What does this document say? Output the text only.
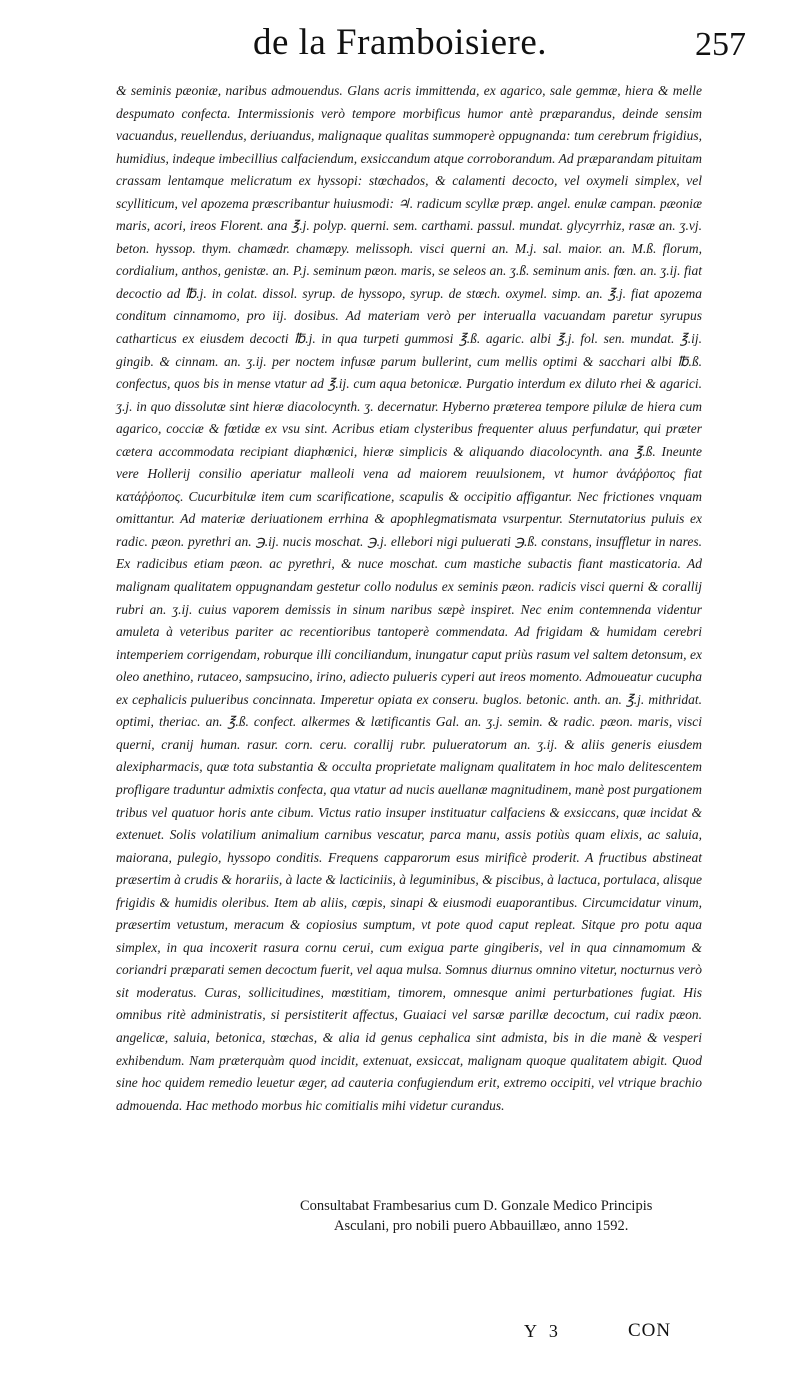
de la Framboisiere.	257

& seminis pæoniæ, naribus admouendus. Glans acris immittenda, ex agarico, sale gemmæ, hiera & melle despumato confecta. Intermissionis verò tempore morbificus humor antè præparandus, deinde sensim vacuandus, reuellendus, deriuandus, malignaque qualitas summoperè oppugnanda: tum cerebrum frigidius, humidius, indeque imbecillius calfaciendum, exsiccandum atque corroborandum. Ad præparandam pituitam crassam lentamque melicratum ex hyssopi: stœchados, & calamenti decocto, vel oxymeli simplex, vel scylliticum, vel apozema præscribantur huiusmodi: ♃. radicum scyllæ præp. angel. enulæ campan. pæoniæ maris, acori, ireos Florent. ana ℥.j. polyp. querni. sem. carthami. passul. mundat. glycyrrhiz, rasæ an. ʒ.vj. beton. hyssop. thym. chamædr. chamæpy. melissoph. visci querni an. M.j. sal. maior. an. M.ß. florum, cordialium, anthos, genistæ. an. P.j. seminum pæon. maris, se seleos an. ʒ.ß. seminum anis. fœn. an. ʒ.ij. fiat decoctio ad ℔.j. in colat. dissol. syrup. de hyssopo, syrup. de stœch. oxymel. simp. an. ℥.j. fiat apozema conditum cinnamomo, pro iij. dosibus. Ad materiam verò per interualla vacuandam paretur syrupus catharticus ex eiusdem decocti ℔.j. in qua turpeti gummosi ℥.ß. agaric. albi ℥.j. fol. sen. mundat. ℥.ij. gingib. & cinnam. an. ʒ.ij. per noctem infusæ parum bullerint, cum mellis optimi & sacchari albi ℔.ß. confectus, quos bis in mense vtatur ad ℥.ij. cum aqua betonicæ. Purgatio interdum ex diluto rhei & agarici. ʒ.j. in quo dissolutæ sint hieræ diacolocynth. ʒ. decernatur. Hyberno præterea tempore pilulæ de hiera cum agarico, cocciæ & fœtidæ ex vsu sint. Acribus etiam clysteribus frequenter aluus perfundatur, qui præter cætera accommodata recipiant diaphœnici, hieræ simplicis & aliquando diacolocynth. ana ℥.ß. Ineunte vere Hollerij consilio aperiatur malleoli vena ad maiorem reuulsionem, vt humor ἀνάῤῥοπος fiat κατάῤῥοπος. Cucurbitulæ item cum scarificatione, scapulis & occipitio affigantur. Nec frictiones vnquam omittantur. Ad materiæ deriuationem errhina & apophlegmatismata vsurpentur. Sternutatorius puluis ex radic. pæon. pyrethri an. ℈.ij. nucis moschat. ℈.j. ellebori nigi puluerati ℈.ß. constans, insuffletur in nares. Ex radicibus etiam pæon. ac pyrethri, & nuce moschat. cum mastiche subactis fiant masticatoria. Ad malignam qualitatem oppugnandam gestetur collo nodulus ex seminis pæon. radicis visci querni & corallij rubri an. ʒ.ij. cuius vaporem demissis in sinum naribus sæpè inspiret. Nec enim contemnenda videntur amuleta à veteribus pariter ac recentioribus tantoperè commendata. Ad frigidam & humidam cerebri intemperiem corrigendam, roburque illi conciliandum, inungatur caput priùs rasum vel saltem detonsum, ex oleo anethino, rutaceo, sampsucino, irino, adiecto pulueris cyperi aut ireos momento. Admoueatur cucupha ex cephalicis pulueribus concinnata. Imperetur opiata ex conseru. buglos. betonic. anth. an. ℥.j. mithridat. optimi, theriac. an. ℥.ß. confect. alkermes & lætificantis Gal. an. ʒ.j. semin. & radic. pæon. maris, visci querni, cranij human. rasur. corn. ceru. corallij rubr. pulueratorum an. ʒ.ij. & aliis generis eiusdem alexipharmacis, quæ tota substantia & occulta proprietate malignam qualitatem in hoc malo delitescentem profligare traduntur admixtis confecta, qua vtatur ad nucis auellanæ magnitudinem, manè post purgationem tribus vel quatuor horis ante cibum. Victus ratio insuper instituatur calfaciens & exsiccans, quæ incidat & extenuet. Solis volatilium animalium carnibus vescatur, parca manu, assis potiùs quam elixis, ac saluia, maiorana, pulegio, hyssopo conditis. Frequens capparorum esus mirificè proderit. A fructibus abstineat præsertim à crudis & horariis, à lacte & lacticiniis, à leguminibus, & piscibus, à lactuca, portulaca, alisque frigidis & humidis oleribus. Item ab aliis, cœpis, sinapi & eiusmodi euaporantibus. Circumcidatur vinum, præsertim vetustum, meracum & copiosius sumptum, vt pote quod caput repleat. Sitque pro potu aqua simplex, in qua incoxerit rasura cornu cerui, cum exigua parte gingiberis, vel in qua cinnamomum & coriandri præparati semen decoctum fuerit, vel aqua mulsa. Somnus diurnus omnino vitetur, nocturnus verò sit moderatus. Curas, sollicitudines, mœstitiam, timorem, omnesque animi perturbationes fugiat. His omnibus ritè administratis, si persistiterit affectus, Guaiaci vel sarsæ parillæ decoctum, cui radix pæon. angelicæ, saluia, betonica, stœchas, & alia id genus cephalica sint admista, bis in die manè & vesperi exhibendum. Nam præterquàm quod incidit, extenuat, exsiccat, malignam quoque qualitatem abigit. Quod sine hoc quidem remedio leuetur æger, ad cauteria confugiendum erit, extremo occipiti, vel vtrique brachio admouenda. Hac methodo morbus hic comitialis mihi videtur curandus.

Consultabat Frambesarius cum D. Gonzale Medico Principis
Asculani, pro nobili puero Abbauillæo, anno 1592.
Y 3	CON
